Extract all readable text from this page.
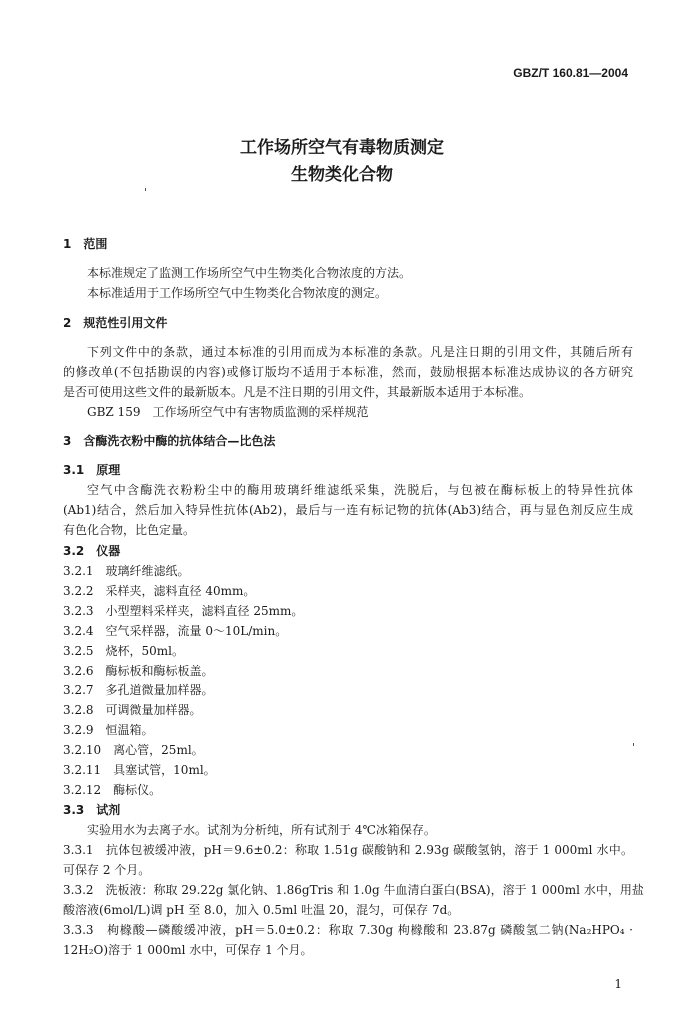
GBZ/T 160.81—2004
工作场所空气有毒物质测定
生物类化合物
'
1　范围
本标准规定了监测工作场所空气中生物类化合物浓度的方法。
本标准适用于工作场所空气中生物类化合物浓度的测定。
2　规范性引用文件
下列文件中的条款，通过本标准的引用而成为本标准的条款。凡是注日期的引用文件，其随后所有
的修改单(不包括勘误的内容)或修订版均不适用于本标准，然而，鼓励根据本标准达成协议的各方研究
是否可使用这些文件的最新版本。凡是不注日期的引用文件，其最新版本适用于本标准。
GBZ 159　工作场所空气中有害物质监测的采样规范
3　含酶洗衣粉中酶的抗体结合—比色法
3.1　原理
空气中含酶洗衣粉粉尘中的酶用玻璃纤维滤纸采集，洗脱后，与包被在酶标板上的特异性抗体
(Ab1)结合，然后加入特异性抗体(Ab2)，最后与一连有标记物的抗体(Ab3)结合，再与显色剂反应生成
有色化合物，比色定量。
3.2　仪器
3.2.1　玻璃纤维滤纸。
3.2.2　采样夹，滤料直径 40mm。
3.2.3　小型塑料采样夹，滤料直径 25mm。
3.2.4　空气采样器，流量 0～10L/min。
3.2.5　烧杯，50ml。
3.2.6　酶标板和酶标板盖。
3.2.7　多孔道微量加样器。
3.2.8　可调微量加样器。
3.2.9　恒温箱。
3.2.10　离心管，25ml。
3.2.11　具塞试管，10ml。
3.2.12　酶标仪。
'
3.3　试剂
实验用水为去离子水。试剂为分析纯，所有试剂于 4℃冰箱保存。
3.3.1　抗体包被缓冲液，pH＝9.6±0.2：称取 1.51g 碳酸钠和 2.93g 碳酸氢钠，溶于 1 000ml 水中。
可保存 2 个月。
3.3.2　洗板液：称取 29.22g 氯化钠、1.86gTris 和 1.0g 牛血清白蛋白(BSA)，溶于 1 000ml 水中，用盐
酸溶液(6mol/L)调 pH 至 8.0，加入 0.5ml 吐温 20，混匀，可保存 7d。
3.3.3　枸橼酸—磷酸缓冲液，pH＝5.0±0.2：称取 7.30g 枸橼酸和 23.87g 磷酸氢二钠(Na₂HPO₄ ·
12H₂O)溶于 1 000ml 水中，可保存 1 个月。
1
